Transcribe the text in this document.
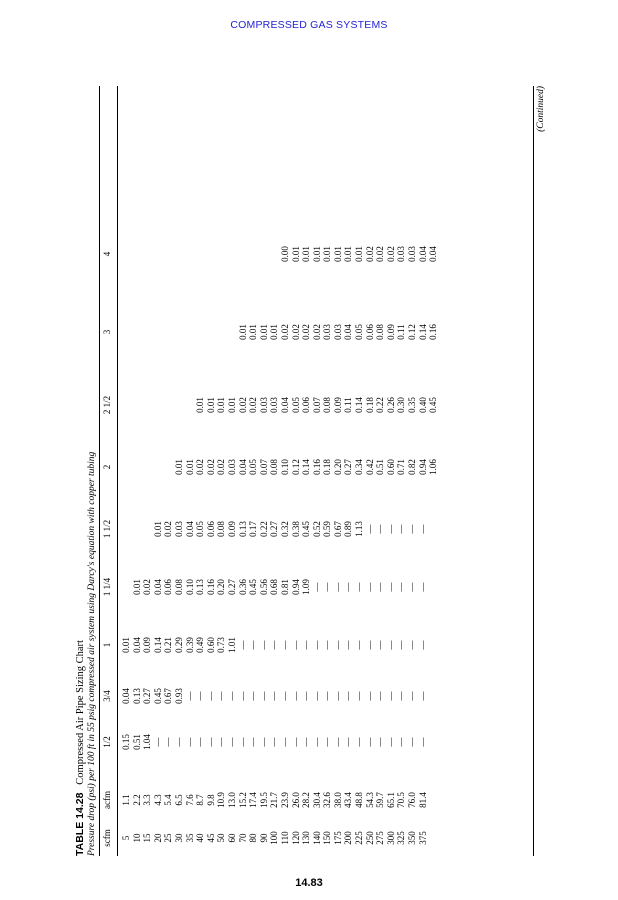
COMPRESSED GAS SYSTEMS
TABLE 14.28   Compressed Air Pipe Sizing Chart Pressure drop (psi) per 100 ft in 55 psig compressed air system using Darcy's equation with copper tubing scfm
acfm
1/2
3/4
1
1 1/4
1 1/2
2
2 1/2
3
4
5 10 15 20 25 30 35 40 45 50 60 70 80 90 100 110 120 130 140 150 175 200 225 250 275 300 325 350 375
1.1 2.2 3.3 4.3 5.4 6.5 7.6 8.7 9.8 10.9 13.0 15.2 17.4 19.5 21.7 23.9 26.0 28.2 30.4 32.6 38.0 43.4 48.8 54.3 59.7 65.1 70.5 76.0 81.4
0.15 0.51 1.04 — — — — — — — — — — — — — — — — — — — — — — — — — —
0.04 0.13 0.27 0.45 0.67 0.93 — — — — — — — — — — — — — — — — — — — — — — —
0.01 0.04 0.09 0.14 0.21 0.29 0.39 0.49 0.60 0.73 1.01 — — — — — — — — — — — — — — — — — —
0.01 0.02 0.04 0.06 0.08 0.10 0.13 0.16 0.20 0.27 0.36 0.45 0.56 0.68 0.81 0.94 1.09 — — — — — — — — — — —
0.01 0.02 0.03 0.04 0.05 0.06 0.08 0.09 0.13 0.17 0.22 0.27 0.32 0.38 0.45 0.52 0.59 0.67 0.89 1.13 — — — — — —
0.01 0.01 0.02 0.02 0.02 0.03 0.04 0.05 0.07 0.08 0.10 0.12 0.14 0.16 0.18 0.20 0.27 0.34 0.42 0.51 0.60 0.71 0.82 0.94 1.06
0.01 0.01 0.01 0.01 0.02 0.02 0.03 0.03 0.04 0.05 0.06 0.07 0.08 0.09 0.11 0.14 0.18 0.22 0.26 0.30 0.35 0.40 0.45
0.01 0.01 0.01 0.01 0.02 0.02 0.02 0.02 0.03 0.03 0.04 0.05 0.06 0.08 0.09 0.11 0.12 0.14 0.16
0.00 0.01 0.01 0.01 0.01 0.01 0.01 0.01 0.02 0.02 0.02 0.03 0.03 0.04 0.04
(Continued)
14.83
